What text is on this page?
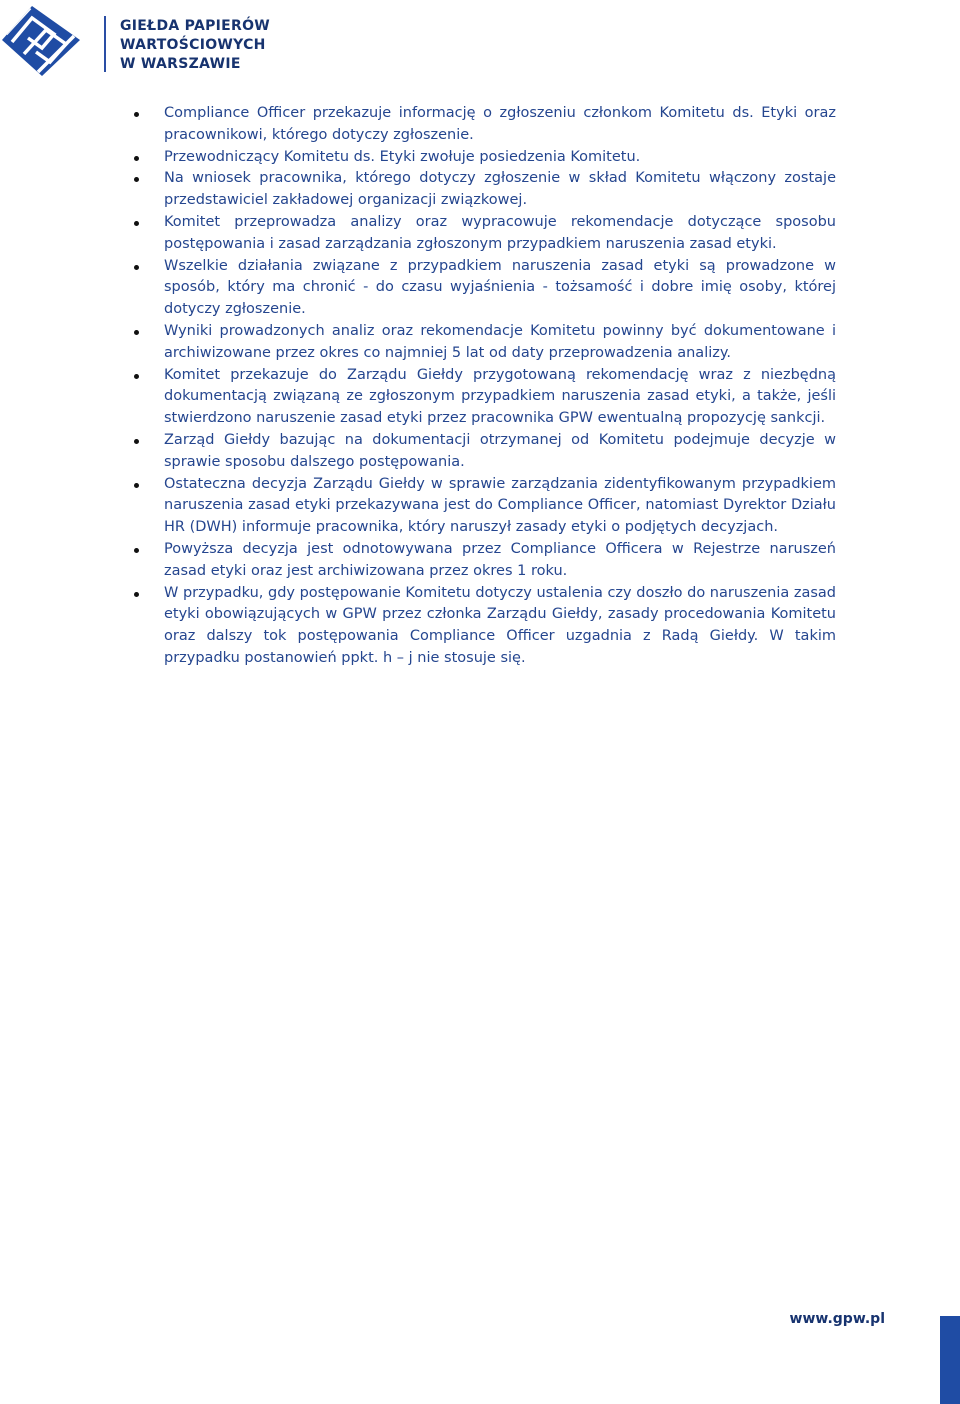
GIEŁDA PAPIERÓW
WARTOŚCIOWYCH
W WARSZAWIE
Compliance Officer przekazuje informację o zgłoszeniu członkom Komitetu ds. Etyki oraz pracownikowi, którego dotyczy zgłoszenie.
Przewodniczący Komitetu ds. Etyki zwołuje posiedzenia Komitetu.
Na wniosek pracownika, którego dotyczy zgłoszenie w skład Komitetu włączony zostaje przedstawiciel zakładowej organizacji związkowej.
Komitet przeprowadza analizy oraz wypracowuje rekomendacje dotyczące sposobu postępowania i zasad zarządzania zgłoszonym przypadkiem naruszenia zasad etyki.
Wszelkie działania związane z przypadkiem naruszenia zasad etyki są prowadzone w sposób, który ma chronić - do czasu wyjaśnienia - tożsamość i dobre imię osoby, której dotyczy zgłoszenie.
Wyniki prowadzonych analiz oraz rekomendacje Komitetu powinny być dokumentowane i archiwizowane przez okres co najmniej 5 lat od daty przeprowadzenia analizy.
Komitet przekazuje do Zarządu Giełdy przygotowaną rekomendację wraz z niezbędną dokumentacją związaną ze zgłoszonym przypadkiem naruszenia zasad etyki, a także, jeśli stwierdzono naruszenie zasad etyki przez pracownika GPW ewentualną propozycję sankcji.
Zarząd Giełdy bazując na dokumentacji otrzymanej od Komitetu podejmuje decyzje w sprawie sposobu dalszego postępowania.
Ostateczna decyzja Zarządu Giełdy w sprawie zarządzania zidentyfikowanym przypadkiem naruszenia zasad etyki przekazywana jest do Compliance Officer, natomiast Dyrektor Działu HR (DWH) informuje pracownika, który naruszył zasady etyki o podjętych decyzjach.
Powyższa decyzja jest odnotowywana przez Compliance Officera w Rejestrze naruszeń zasad etyki oraz jest archiwizowana przez okres 1 roku.
W przypadku, gdy postępowanie Komitetu dotyczy ustalenia czy doszło do naruszenia zasad etyki obowiązujących w GPW przez członka Zarządu Giełdy, zasady procedowania Komitetu oraz dalszy tok postępowania Compliance Officer uzgadnia z Radą Giełdy. W takim przypadku postanowień ppkt. h – j nie stosuje się.
www.gpw.pl
